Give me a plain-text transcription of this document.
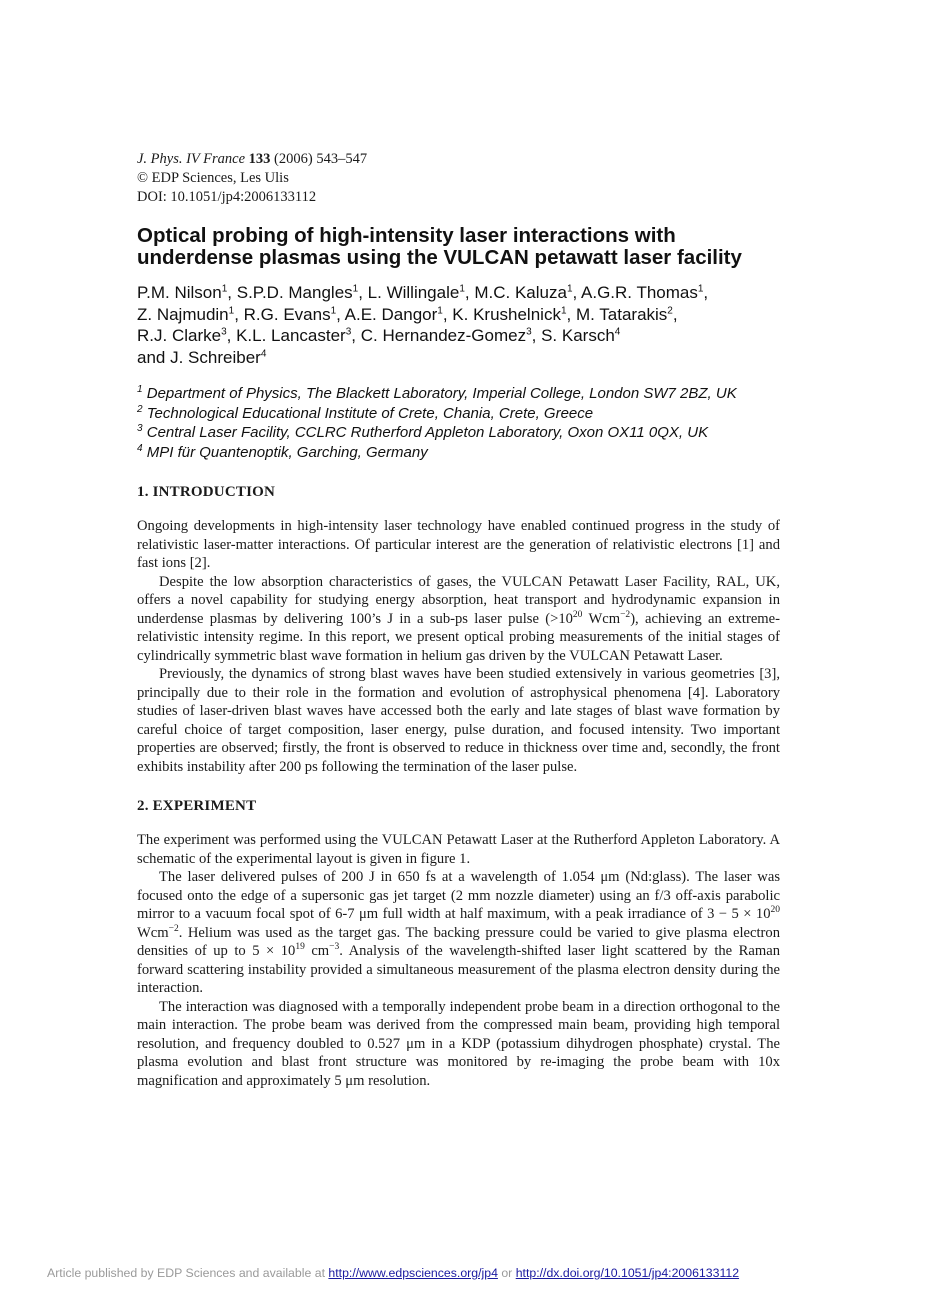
J. Phys. IV France 133 (2006) 543–547
© EDP Sciences, Les Ulis
DOI: 10.1051/jp4:2006133112
Optical probing of high-intensity laser interactions with
underdense plasmas using the VULCAN petawatt laser facility
P.M. Nilson$^1$, S.P.D. Mangles$^1$, L. Willingale$^1$, M.C. Kaluza$^1$, A.G.R. Thomas$^1$,
Z. Najmudin$^1$, R.G. Evans$^1$, A.E. Dangor$^1$, K. Krushelnick$^1$, M. Tatarakis$^2$,
R.J. Clarke$^3$, K.L. Lancaster$^3$, C. Hernandez-Gomez$^3$, S. Karsch$^4$
and J. Schreiber$^4$
$^1$ Department of Physics, The Blackett Laboratory, Imperial College, London SW7 2BZ, UK
$^2$ Technological Educational Institute of Crete, Chania, Crete, Greece
$^3$ Central Laser Facility, CCLRC Rutherford Appleton Laboratory, Oxon OX11 0QX, UK
$^4$ MPI für Quantenoptik, Garching, Germany
1. INTRODUCTION
Ongoing developments in high-intensity laser technology have enabled continued progress in the study of relativistic laser-matter interactions. Of particular interest are the generation of relativistic electrons [1] and fast ions [2].
Despite the low absorption characteristics of gases, the VULCAN Petawatt Laser Facility, RAL, UK, offers a novel capability for studying energy absorption, heat transport and hydrodynamic expansion in underdense plasmas by delivering 100’s J in a sub-ps laser pulse ($>10^{20}$ Wcm$^{-2}$), achieving an extreme-relativistic intensity regime. In this report, we present optical probing measurements of the initial stages of cylindrically symmetric blast wave formation in helium gas driven by the VULCAN Petawatt Laser.
Previously, the dynamics of strong blast waves have been studied extensively in various geometries [3], principally due to their role in the formation and evolution of astrophysical phenomena [4]. Laboratory studies of laser-driven blast waves have accessed both the early and late stages of blast wave formation by careful choice of target composition, laser energy, pulse duration, and focused intensity. Two important properties are observed; firstly, the front is observed to reduce in thickness over time and, secondly, the front exhibits instability after 200 ps following the termination of the laser pulse.
2. EXPERIMENT
The experiment was performed using the VULCAN Petawatt Laser at the Rutherford Appleton Laboratory. A schematic of the experimental layout is given in figure 1.
The laser delivered pulses of 200 J in 650 fs at a wavelength of 1.054 μm (Nd:glass). The laser was focused onto the edge of a supersonic gas jet target (2 mm nozzle diameter) using an f/3 off-axis parabolic mirror to a vacuum focal spot of 6-7 μm full width at half maximum, with a peak irradiance of $3 - 5 \times 10^{20}$ Wcm$^{-2}$. Helium was used as the target gas. The backing pressure could be varied to give plasma electron densities of up to $5 \times 10^{19}$ $cm^{-3}$. Analysis of the wavelength-shifted laser light scattered by the Raman forward scattering instability provided a simultaneous measurement of the plasma electron density during the interaction.
The interaction was diagnosed with a temporally independent probe beam in a direction orthogonal to the main interaction. The probe beam was derived from the compressed main beam, providing high temporal resolution, and frequency doubled to 0.527 μm in a KDP (potassium dihydrogen phosphate) crystal. The plasma evolution and blast front structure was monitored by re-imaging the probe beam with 10x magnification and approximately 5 μm resolution.
Article published by EDP Sciences and available at http://www.edpsciences.org/jp4 or http://dx.doi.org/10.1051/jp4:2006133112
